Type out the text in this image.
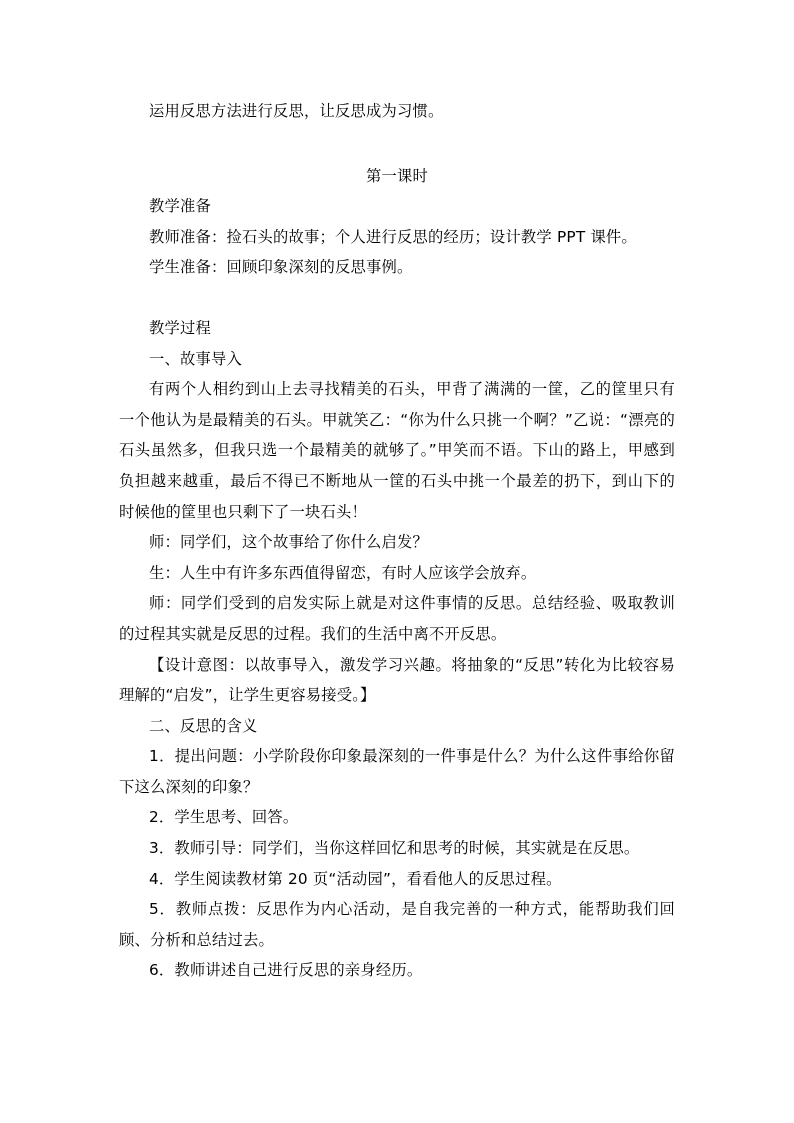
运用反思方法进行反思，让反思成为习惯。

第一课时

教学准备

教师准备：捡石头的故事；个人进行反思的经历；设计教学 PPT 课件。

学生准备：回顾印象深刻的反思事例。

教学过程

一、故事导入

有两个人相约到山上去寻找精美的石头，甲背了满满的一筐，乙的筐里只有一个他认为是最精美的石头。甲就笑乙：“你为什么只挑一个啊？”乙说：“漂亮的石头虽然多，但我只选一个最精美的就够了。”甲笑而不语。下山的路上，甲感到负担越来越重，最后不得已不断地从一筐的石头中挑一个最差的扔下，到山下的时候他的筐里也只剩下了一块石头！

师：同学们，这个故事给了你什么启发？

生：人生中有许多东西值得留恋，有时人应该学会放弃。

师：同学们受到的启发实际上就是对这件事情的反思。总结经验、吸取教训的过程其实就是反思的过程。我们的生活中离不开反思。

【设计意图：以故事导入，激发学习兴趣。将抽象的“反思”转化为比较容易理解的“启发”，让学生更容易接受。】

二、反思的含义

1．提出问题：小学阶段你印象最深刻的一件事是什么？为什么这件事给你留下这么深刻的印象？

2．学生思考、回答。

3．教师引导：同学们，当你这样回忆和思考的时候，其实就是在反思。

4．学生阅读教材第 20 页“活动园”，看看他人的反思过程。

5．教师点拨：反思作为内心活动，是自我完善的一种方式，能帮助我们回顾、分析和总结过去。

6．教师讲述自己进行反思的亲身经历。
